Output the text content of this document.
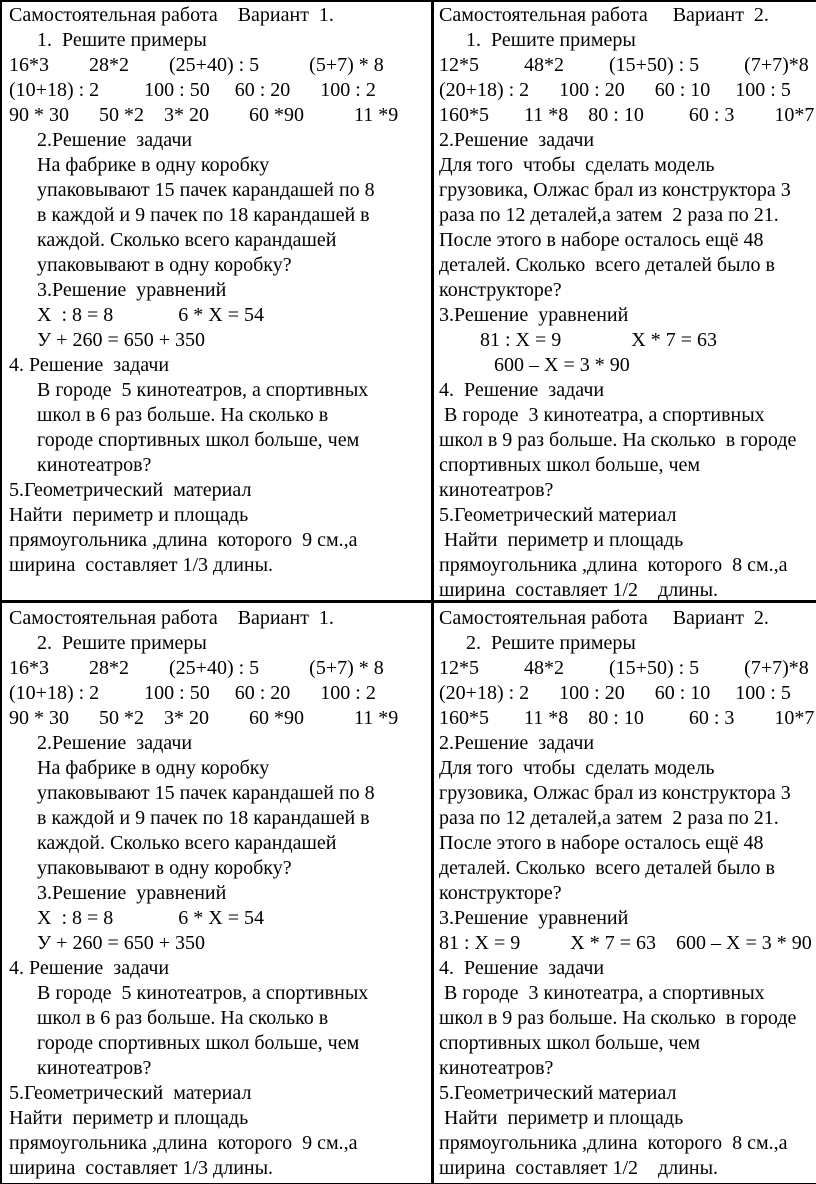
Самостоятельная работа    Вариант  1.
1.  Решите примеры
16*3        28*2        (25+40) : 5          (5+7) * 8
(10+18) : 2         100 : 50     60 : 20      100 : 2
90 * 30      50 *2    3* 20        60 *90          11 *9
2.Решение  задачи
На фабрике в одну коробку
упаковывают 15 пачек карандашей по 8
в каждой и 9 пачек по 18 карандашей в
каждой. Сколько всего карандашей
упаковывают в одну коробку?
3.Решение  уравнений
Х  : 8 = 8             6 * Х = 54
У + 260 = 650 + 350
4. Решение  задачи
В городе  5 кинотеатров, а спортивных
школ в 6 раз больше. На сколько в
городе спортивных школ больше, чем
кинотеатров?
5.Геометрический  материал
Найти  периметр и площадь
прямоугольника ,длина  которого  9 см.,а
ширина  составляет 1/3 длины.
Самостоятельная работа     Вариант  2.
1.  Решите примеры
12*5         48*2         (15+50) : 5         (7+7)*8
(20+18) : 2      100 : 20      60 : 10     100 : 5
160*5       11 *8    80 : 10         60 : 3        10*7
2.Решение  задачи
Для того  чтобы  сделать модель
грузовика, Олжас брал из конструктора 3
раза по 12 деталей,а затем  2 раза по 21.
После этого в наборе осталось ещё 48
деталей. Сколько  всего деталей было в
конструкторе?
3.Решение  уравнений
81 : Х = 9              Х * 7 = 63
600 – Х = 3 * 90
4.  Решение  задачи
В городе  3 кинотеатра, а спортивных
школ в 9 раз больше. На сколько  в городе
спортивных школ больше, чем
кинотеатров?
5.Геометрический материал
Найти  периметр и площадь
прямоугольника ,длина  которого  8 см.,а
ширина  составляет 1/2    длины.
Самостоятельная работа    Вариант  1.
2.  Решите примеры
16*3        28*2        (25+40) : 5          (5+7) * 8
(10+18) : 2         100 : 50     60 : 20      100 : 2
90 * 30      50 *2    3* 20        60 *90          11 *9
2.Решение  задачи
На фабрике в одну коробку
упаковывают 15 пачек карандашей по 8
в каждой и 9 пачек по 18 карандашей в
каждой. Сколько всего карандашей
упаковывают в одну коробку?
3.Решение  уравнений
Х  : 8 = 8             6 * Х = 54
У + 260 = 650 + 350
4. Решение  задачи
В городе  5 кинотеатров, а спортивных
школ в 6 раз больше. На сколько в
городе спортивных школ больше, чем
кинотеатров?
5.Геометрический  материал
Найти  периметр и площадь
прямоугольника ,длина  которого  9 см.,а
ширина  составляет 1/3 длины.
Самостоятельная работа     Вариант  2.
2.  Решите примеры
12*5         48*2         (15+50) : 5         (7+7)*8
(20+18) : 2      100 : 20      60 : 10     100 : 5
160*5       11 *8    80 : 10         60 : 3        10*7
2.Решение  задачи
Для того  чтобы  сделать модель
грузовика, Олжас брал из конструктора 3
раза по 12 деталей,а затем  2 раза по 21.
После этого в наборе осталось ещё 48
деталей. Сколько  всего деталей было в
конструкторе?
3.Решение  уравнений
81 : Х = 9          Х * 7 = 63    600 – Х = 3 * 90
4.  Решение  задачи
В городе  3 кинотеатра, а спортивных
школ в 9 раз больше. На сколько  в городе
спортивных школ больше, чем
кинотеатров?
5.Геометрический материал
Найти  периметр и площадь
прямоугольника ,длина  которого  8 см.,а
ширина  составляет 1/2    длины.
